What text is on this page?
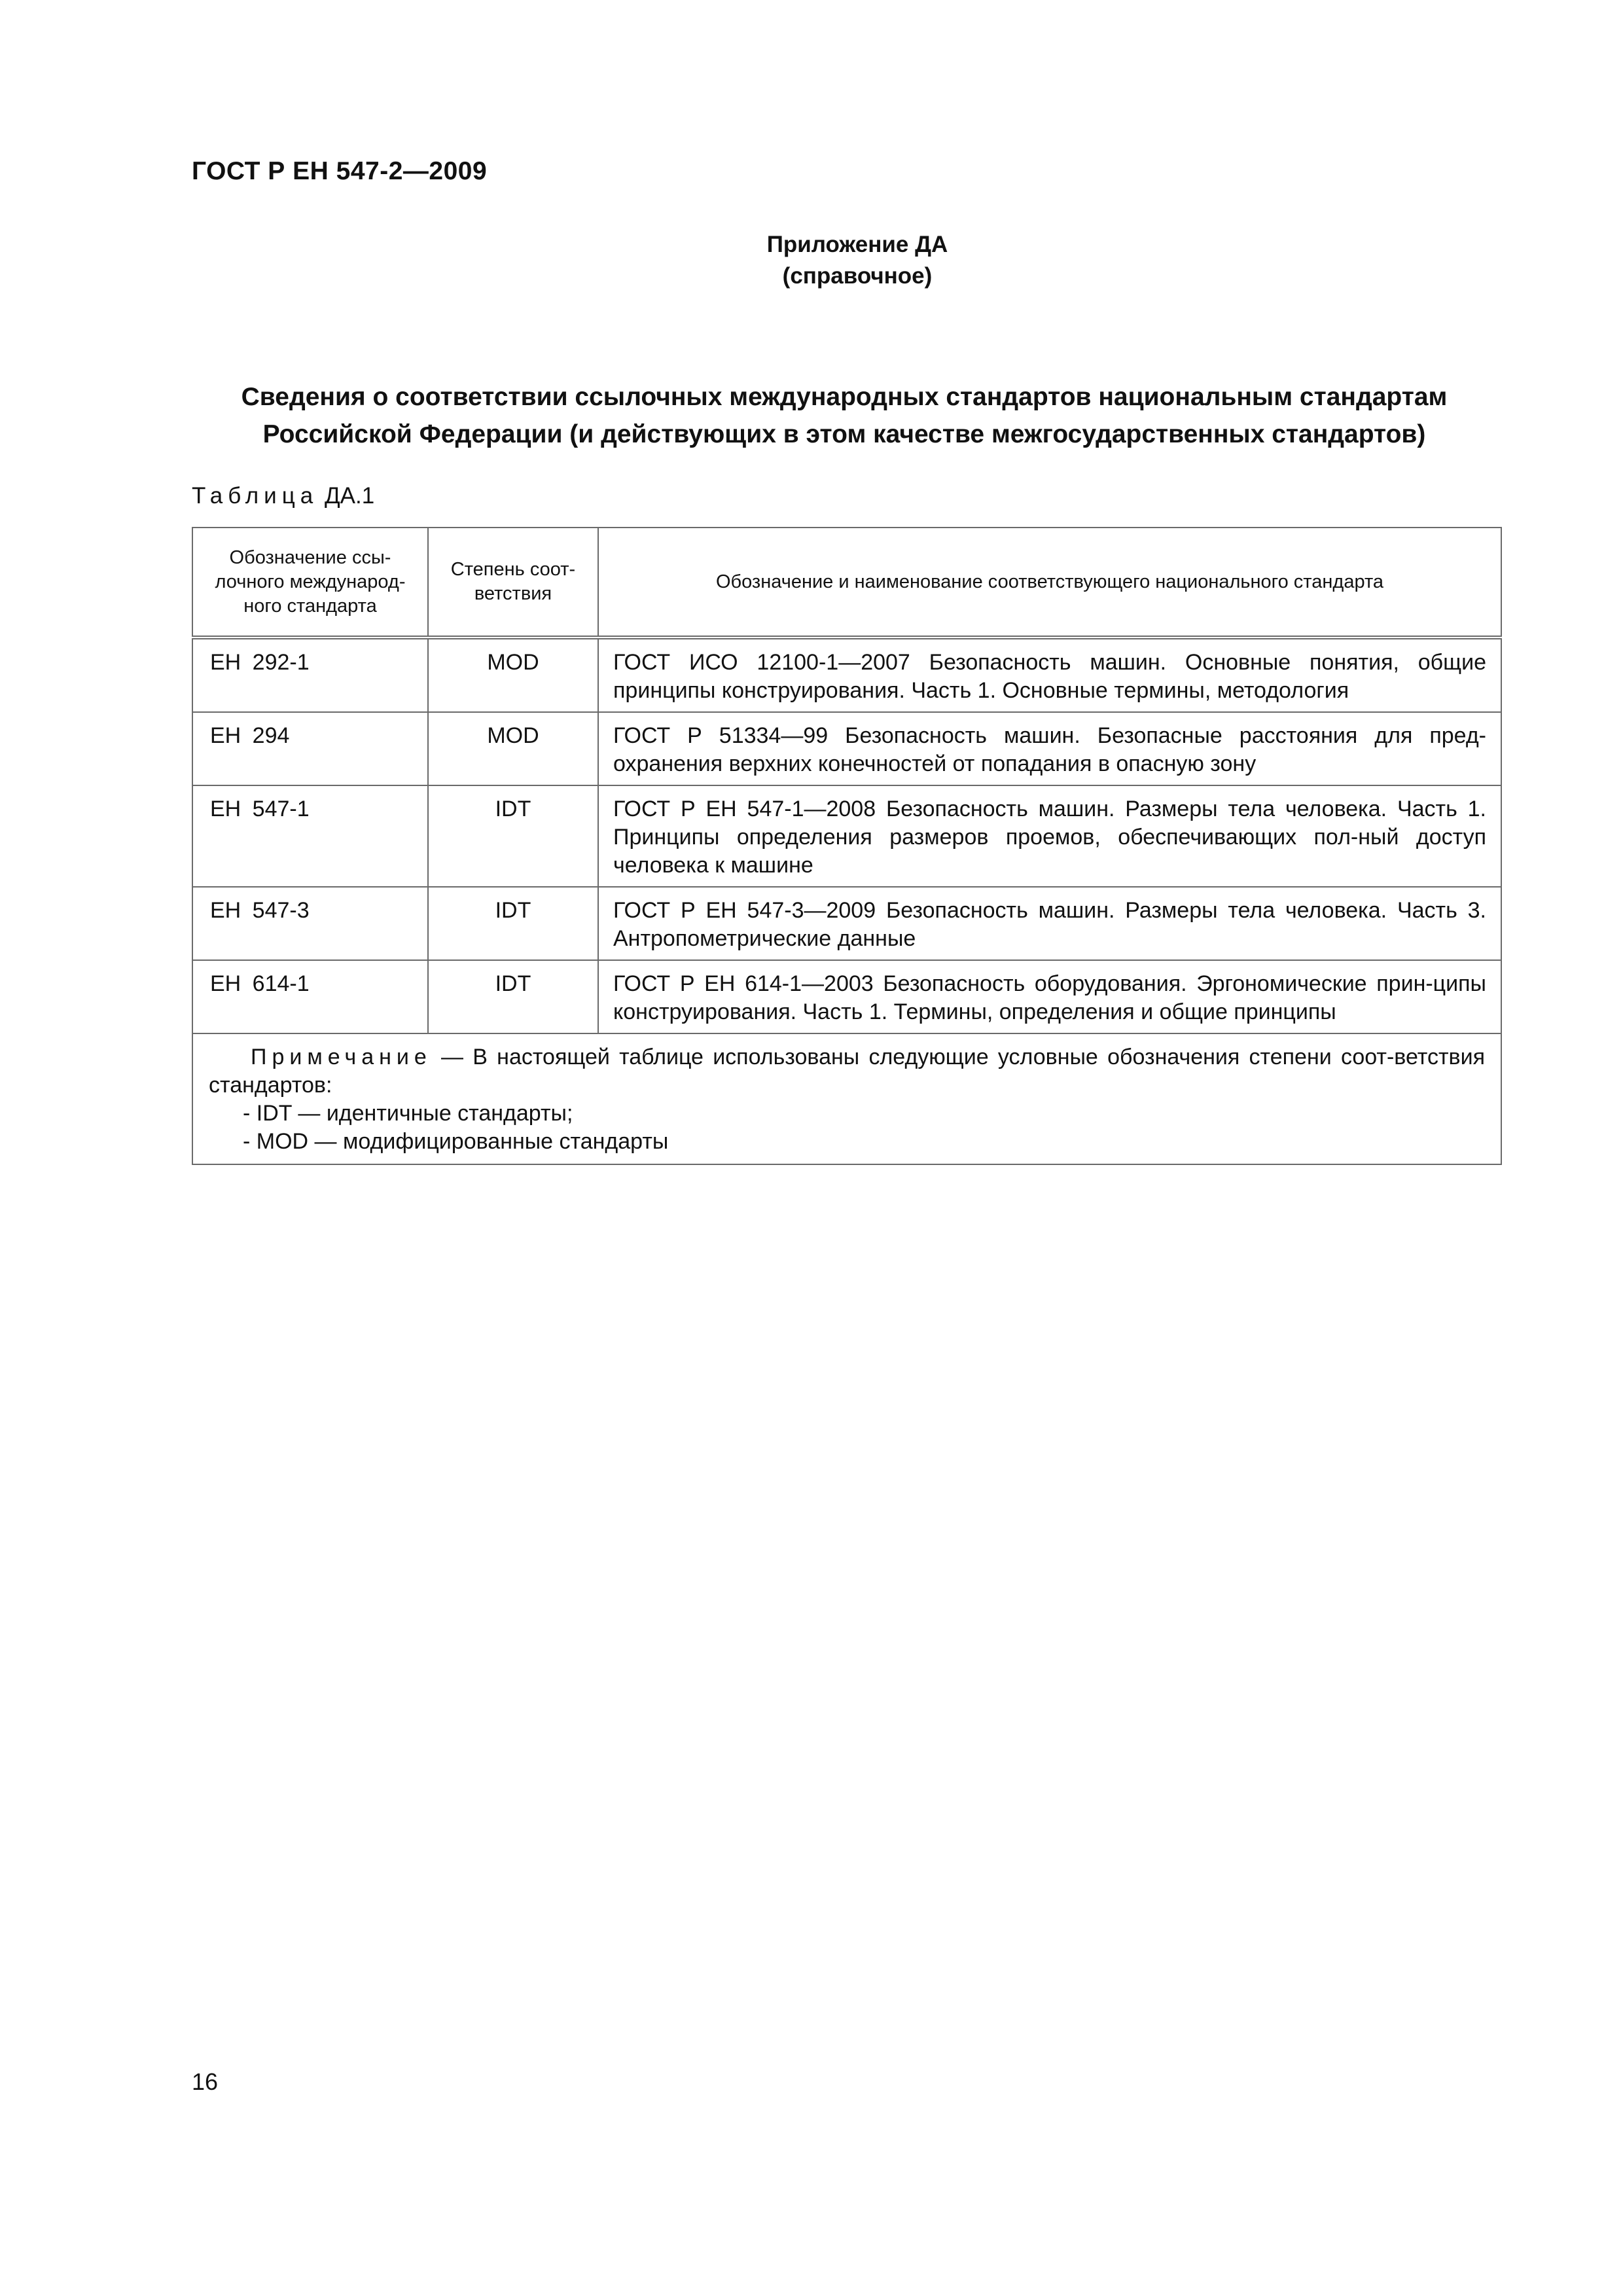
ГОСТ Р ЕН 547-2—2009
Приложение ДА
(справочное)
Сведения о соответствии ссылочных международных стандартов национальным стандартам
Российской Федерации (и действующих в этом качестве межгосударственных стандартов)
Таблица ДА.1
Обозначение ссы-лочного международ-ного стандарта	Степень соот-ветствия	Обозначение и наименование соответствующего национального стандарта
ЕН 292-1	MOD	ГОСТ ИСО 12100-1—2007 Безопасность машин. Основные понятия, общие принципы конструирования. Часть 1. Основные термины, методология
ЕН 294	MOD	ГОСТ Р 51334—99 Безопасность машин. Безопасные расстояния для пред-охранения верхних конечностей от попадания в опасную зону
ЕН 547-1	IDT	ГОСТ Р ЕН 547-1—2008 Безопасность машин. Размеры тела человека. Часть 1. Принципы определения размеров проемов, обеспечивающих пол-ный доступ человека к машине
ЕН 547-3	IDT	ГОСТ Р ЕН 547-3—2009 Безопасность машин. Размеры тела человека. Часть 3. Антропометрические данные
ЕН 614-1	IDT	ГОСТ Р ЕН 614-1—2003 Безопасность оборудования. Эргономические прин-ципы конструирования. Часть 1. Термины, определения и общие принципы
Примечание — В настоящей таблице использованы следующие условные обозначения степени соот-ветствия стандартов:
- IDT — идентичные стандарты;
- MOD — модифицированные стандарты		
16
